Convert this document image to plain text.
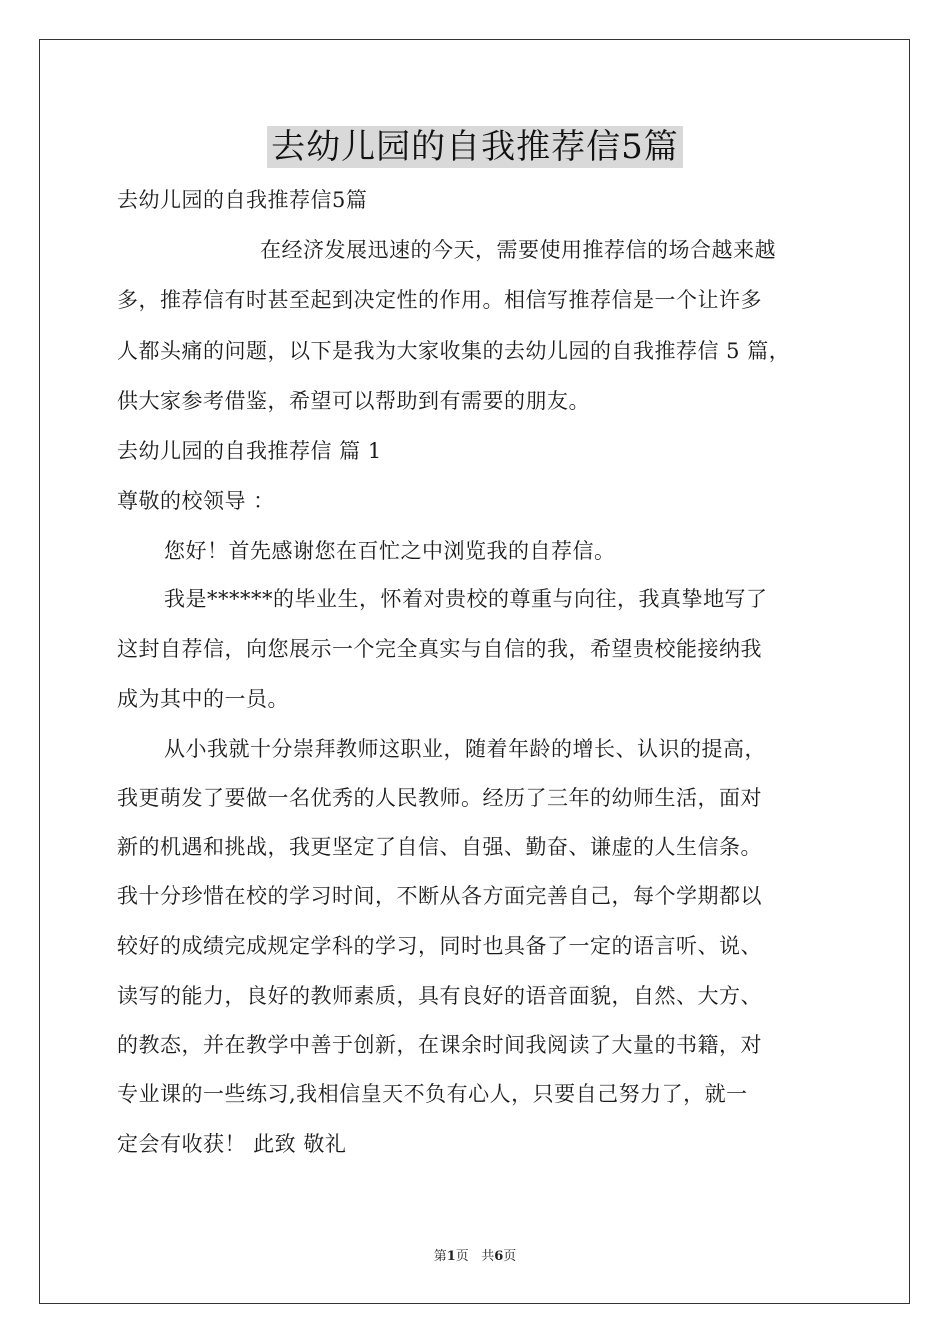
去幼儿园的自我推荐信5篇
去幼儿园的自我推荐信5篇
在经济发展迅速的今天，需要使用推荐信的场合越来越
多，推荐信有时甚至起到决定性的作用。相信写推荐信是一个让许多
人都头痛的问题，以下是我为大家收集的去幼儿园的自我推荐信 5 篇，
供大家参考借鉴，希望可以帮助到有需要的朋友。
去幼儿园的自我推荐信 篇 1
尊敬的校领导 ：
您好！首先感谢您在百忙之中浏览我的自荐信。
我是******的毕业生，怀着对贵校的尊重与向往，我真挚地写了
这封自荐信，向您展示一个完全真实与自信的我，希望贵校能接纳我
成为其中的一员。
从小我就十分崇拜教师这职业，随着年龄的增长、认识的提高，
我更萌发了要做一名优秀的人民教师。经历了三年的幼师生活，面对
新的机遇和挑战，我更坚定了自信、自强、勤奋、谦虚的人生信条。
我十分珍惜在校的学习时间，不断从各方面完善自己，每个学期都以
较好的成绩完成规定学科的学习，同时也具备了一定的语言听、说、
读写的能力，良好的教师素质，具有良好的语音面貌，自然、大方、
的教态，并在教学中善于创新，在课余时间我阅读了大量的书籍，对
专业课的一些练习,我相信皇天不负有心人，只要自己努力了，就一
定会有收获！ 此致 敬礼
第1页 共6页
